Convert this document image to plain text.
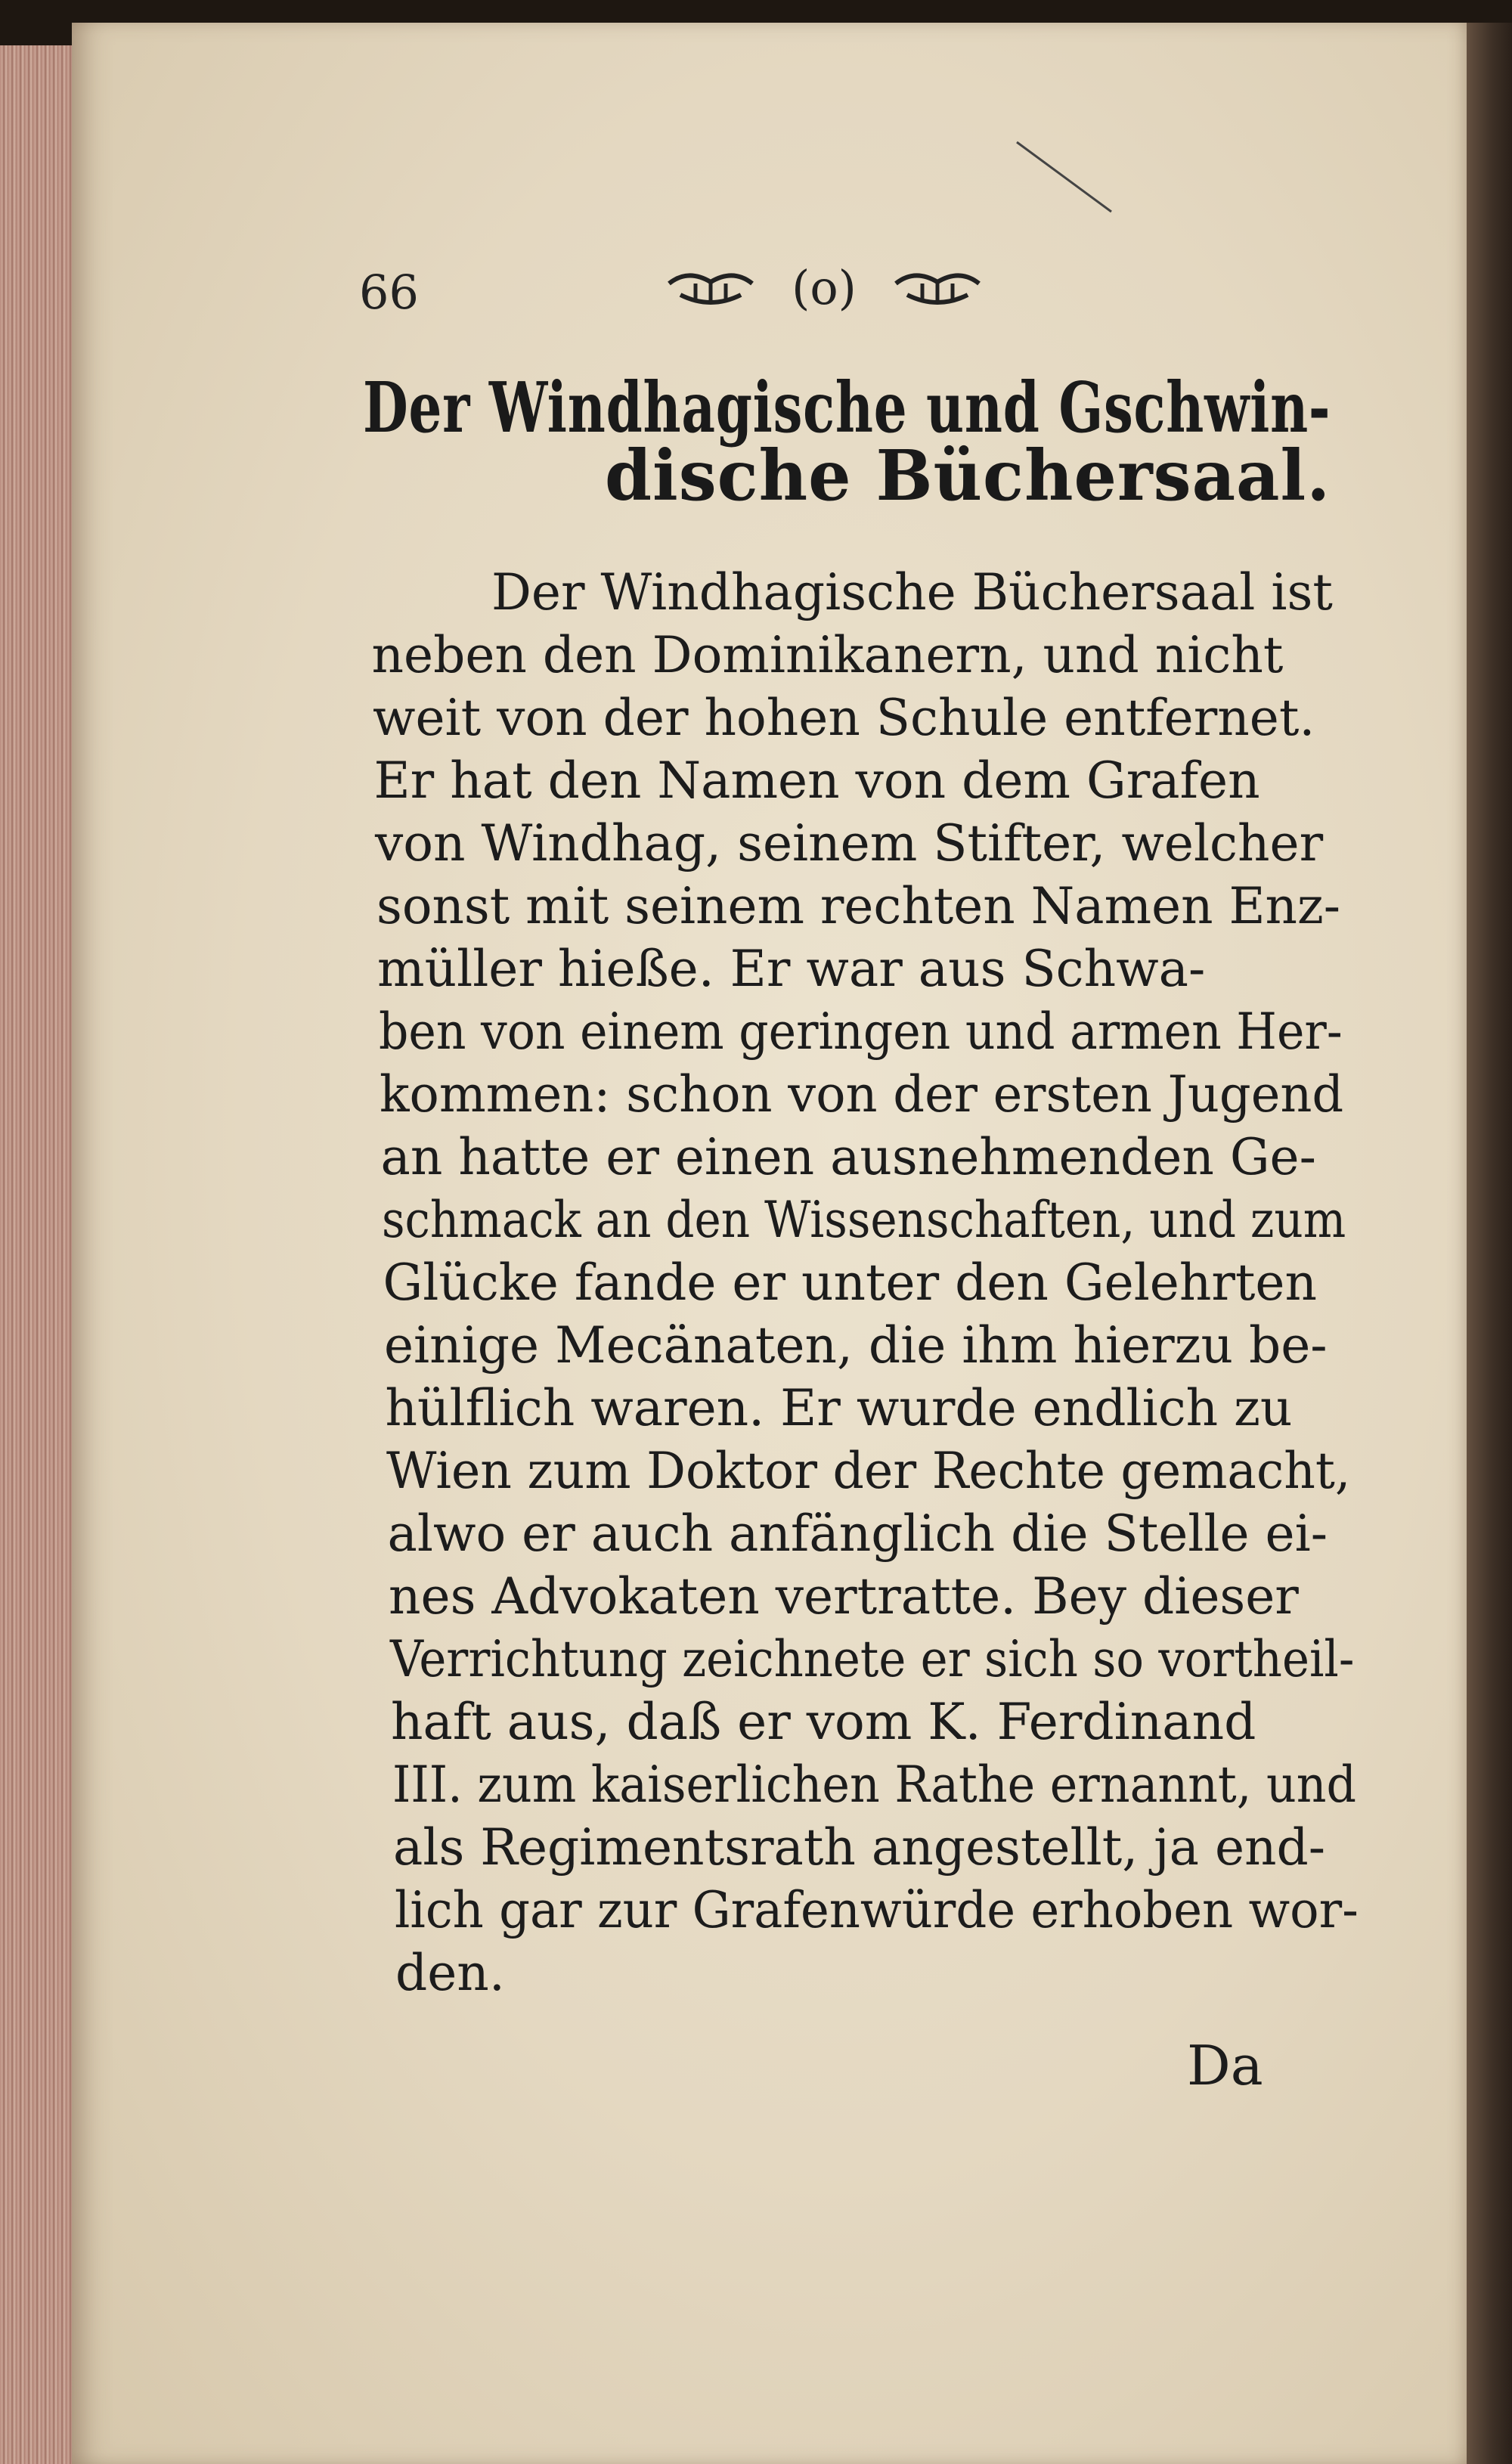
66	(o)
Der Windhagische und Gschwin-
dische Büchersaal.
Der Windhagische Büchersaal ist
neben den Dominikanern, und nicht
weit von der hohen Schule entfernet.
Er hat den Namen von dem Grafen
von Windhag, seinem Stifter, welcher
sonst mit seinem rechten Namen Enz-
müller hieße. Er war aus Schwa-
ben von einem geringen und armen Her-
kommen: schon von der ersten Jugend
an hatte er einen ausnehmenden Ge-
schmack an den Wissenschaften, und zum
Glücke fande er unter den Gelehrten
einige Mecänaten, die ihm hierzu be-
hülflich waren. Er wurde endlich zu
Wien zum Doktor der Rechte gemacht,
alwo er auch anfänglich die Stelle ei-
nes Advokaten vertratte. Bey dieser
Verrichtung zeichnete er sich so vortheil-
haft aus, daß er vom K. Ferdinand
III. zum kaiserlichen Rathe ernannt, und
als Regimentsrath angestellt, ja end-
lich gar zur Grafenwürde erhoben wor-
den.
Da
